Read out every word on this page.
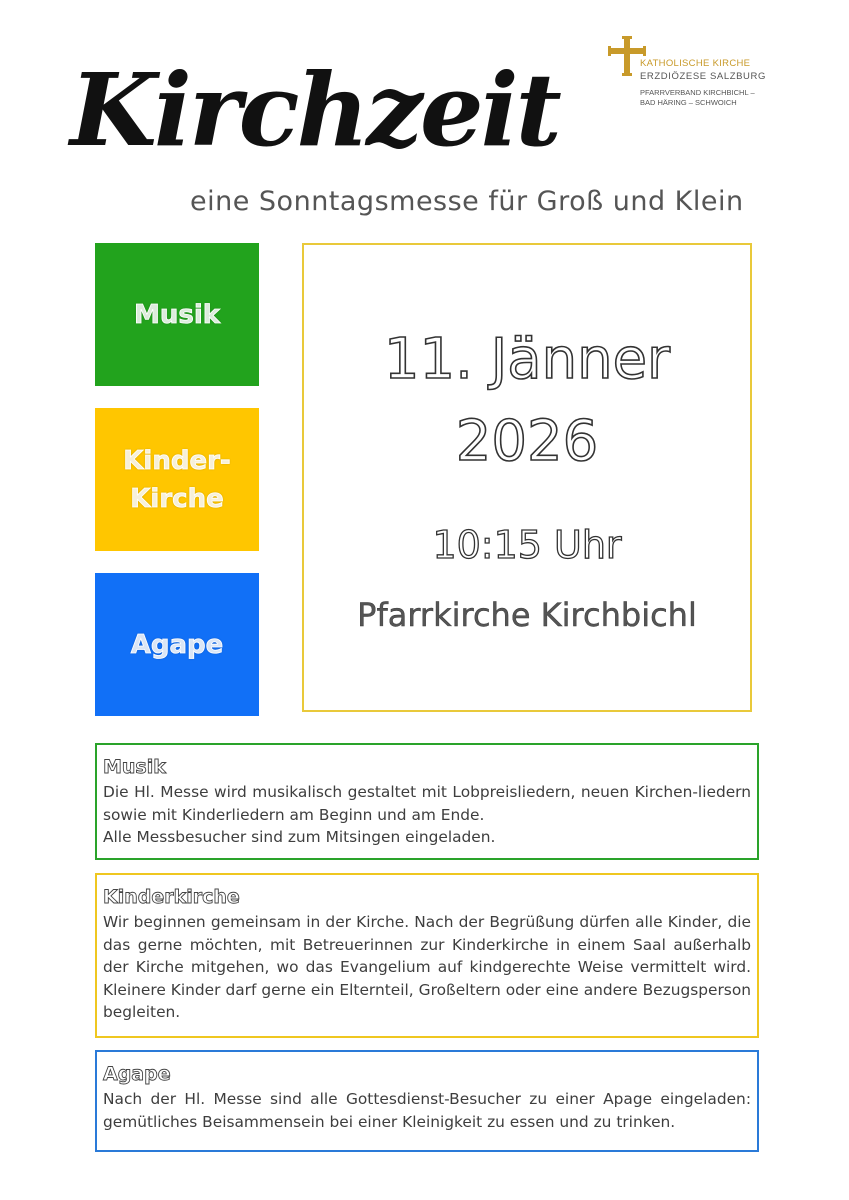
Kirchzeit
eine Sonntagsmesse für Groß und Klein
KATHOLISCHE KIRCHE
ERZDIÖZESE SALZBURG
PFARRVERBAND KIRCHBICHL –
BAD HÄRING – SCHWOICH
Musik
Kinder-
Kirche
Agape
11. Jänner
2026
10:15 Uhr
Pfarrkirche Kirchbichl
Musik

Die Hl. Messe wird musikalisch gestaltet mit Lobpreisliedern, neuen Kirchen-liedern sowie mit Kinderliedern am Beginn und am Ende.

Alle Messbesucher sind zum Mitsingen eingeladen.

Kinderkirche

Wir beginnen gemeinsam in der Kirche. Nach der Begrüßung dürfen alle Kinder, die das gerne möchten, mit Betreuerinnen zur Kinderkirche in einem Saal außerhalb der Kirche mitgehen, wo das Evangelium auf kindgerechte Weise vermittelt wird. Kleinere Kinder darf gerne ein Elternteil, Großeltern oder eine andere Bezugsperson begleiten.

Agape

Nach der Hl. Messe sind alle Gottesdienst-Besucher zu einer Apage eingeladen: gemütliches Beisammensein bei einer Kleinigkeit zu essen und zu trinken.
